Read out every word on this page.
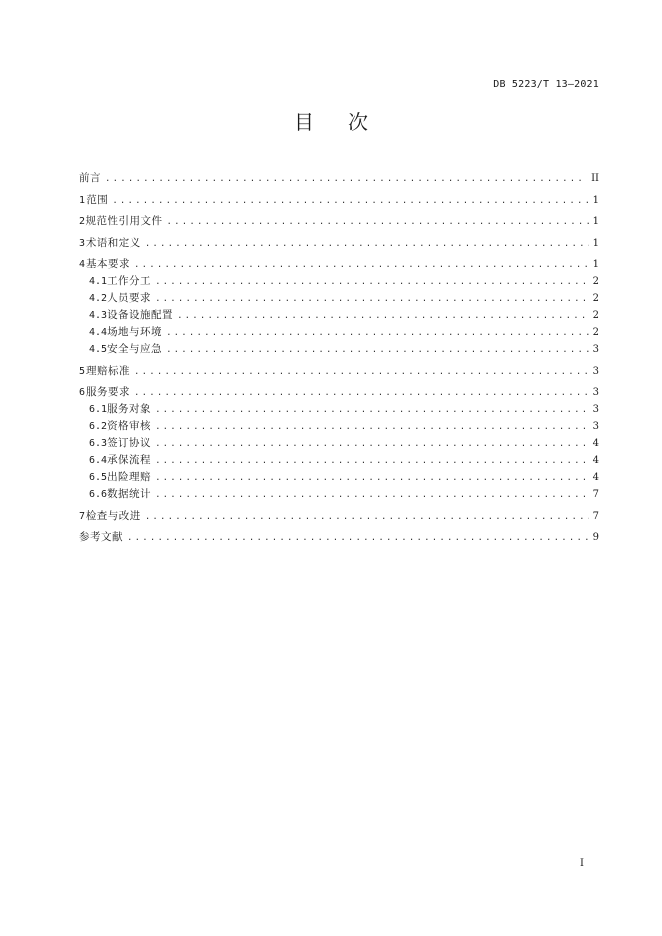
DB 5223/T 13—2021
目次
前言 .....	II
1 范围 .....	1
2 规范性引用文件 .....	1
3 术语和定义 .....	1
4 基本要求 .....	1
4.1 工作分工 .....	2
4.2 人员要求 .....	2
4.3 设备设施配置 .....	2
4.4 场地与环境 .....	2
4.5 安全与应急 .....	3
5 理赔标准 .....	3
6 服务要求 .....	3
6.1 服务对象 .....	3
6.2 资格审核 .....	3
6.3 签订协议 .....	4
6.4 承保流程 .....	4
6.5 出险理赔 .....	4
6.6 数据统计 .....	7
7 检查与改进 .....	7
参考文献 .....	9
I
